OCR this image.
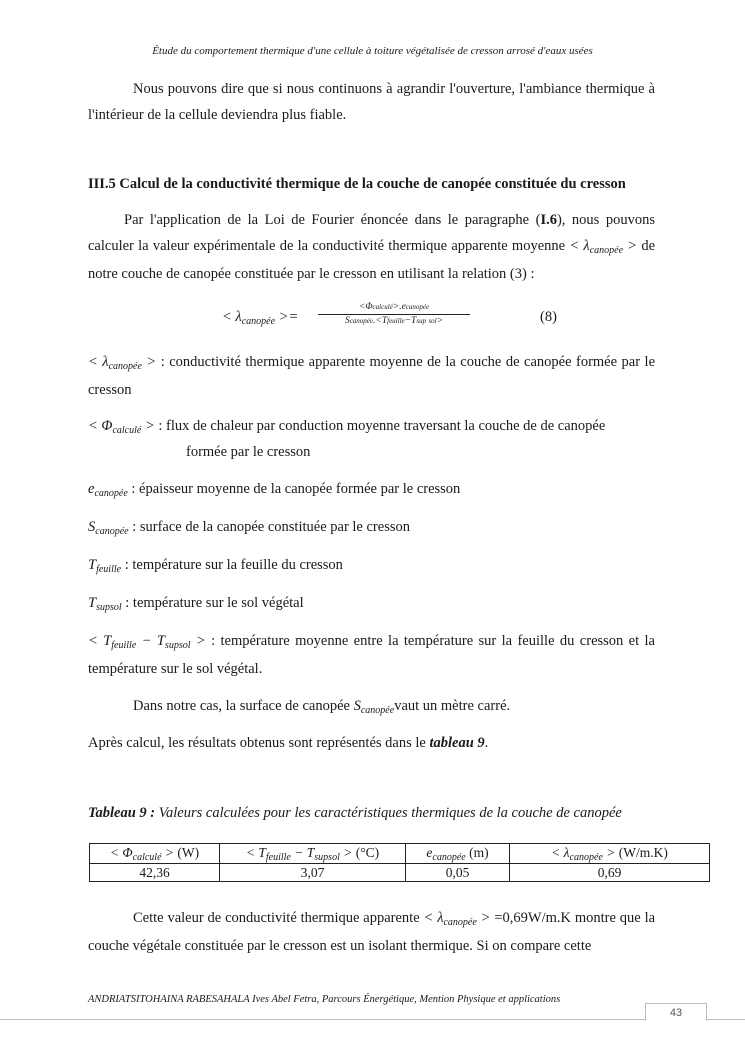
Étude du comportement thermique d'une cellule à toiture végétalisée de cresson arrosé d'eaux usées
Nous pouvons dire que si nous continuons à agrandir l'ouverture, l'ambiance thermique à l'intérieur de la cellule deviendra plus fiable.
III.5 Calcul de la conductivité thermique de la couche de canopée constituée du cresson
Par l'application de la Loi de Fourier énoncée dans le paragraphe (I.6), nous pouvons calculer la valeur expérimentale de la conductivité thermique apparente moyenne < $\lambda_{canopée}$ > de notre couche de canopée constituée par le cresson en utilisant la relation (3) :
< $\lambda_{canopée}$ >=
<Φcalculé>.ecanopée
Scanopée.<Tfeuille−Tsup sol>	(8)
< $\lambda_{canopée}$ > : conductivité thermique apparente moyenne de la couche de canopée formée par le cresson
< $\Phi_{calculé}$ > : flux de chaleur par conduction moyenne traversant la couche de de canopée
formée par le cresson
$e_{canopée}$ : épaisseur moyenne de la canopée formée par le cresson
$S_{canopée}$ : surface de la canopée constituée par le cresson
$T_{feuille}$ : température sur la feuille du cresson
$T_{supsol}$ : température sur le sol végétal
< $T_{feuille} - T_{supsol}$ > : température moyenne entre la température sur la feuille du cresson et la température sur le sol végétal.
Dans notre cas, la surface de canopée $S_{canopée}vaut$ un mètre carré.
Après calcul, les résultats obtenus sont représentés dans le tableau 9.
Tableau 9 : Valeurs calculées pour les caractéristiques thermiques de la couche de canopée
< $\Phi_{calculé} > (W)$	< $T_{feuille} - T_{supsol} > (^\circ C)$	$e_{canopée}$ (m)	< $\lambda_{canopée} > (W/m.K)$
42,36	3,07	0,05	0,69
Cette valeur de conductivité thermique apparente < $\lambda_{canopée} > =0,69W/m.K$ montre que la couche végétale constituée par le cresson est un isolant thermique. Si on compare cette
ANDRIATSITOHAINA RABESAHALA Ives Abel Fetra, Parcours Énergétique, Mention Physique et applications
43
